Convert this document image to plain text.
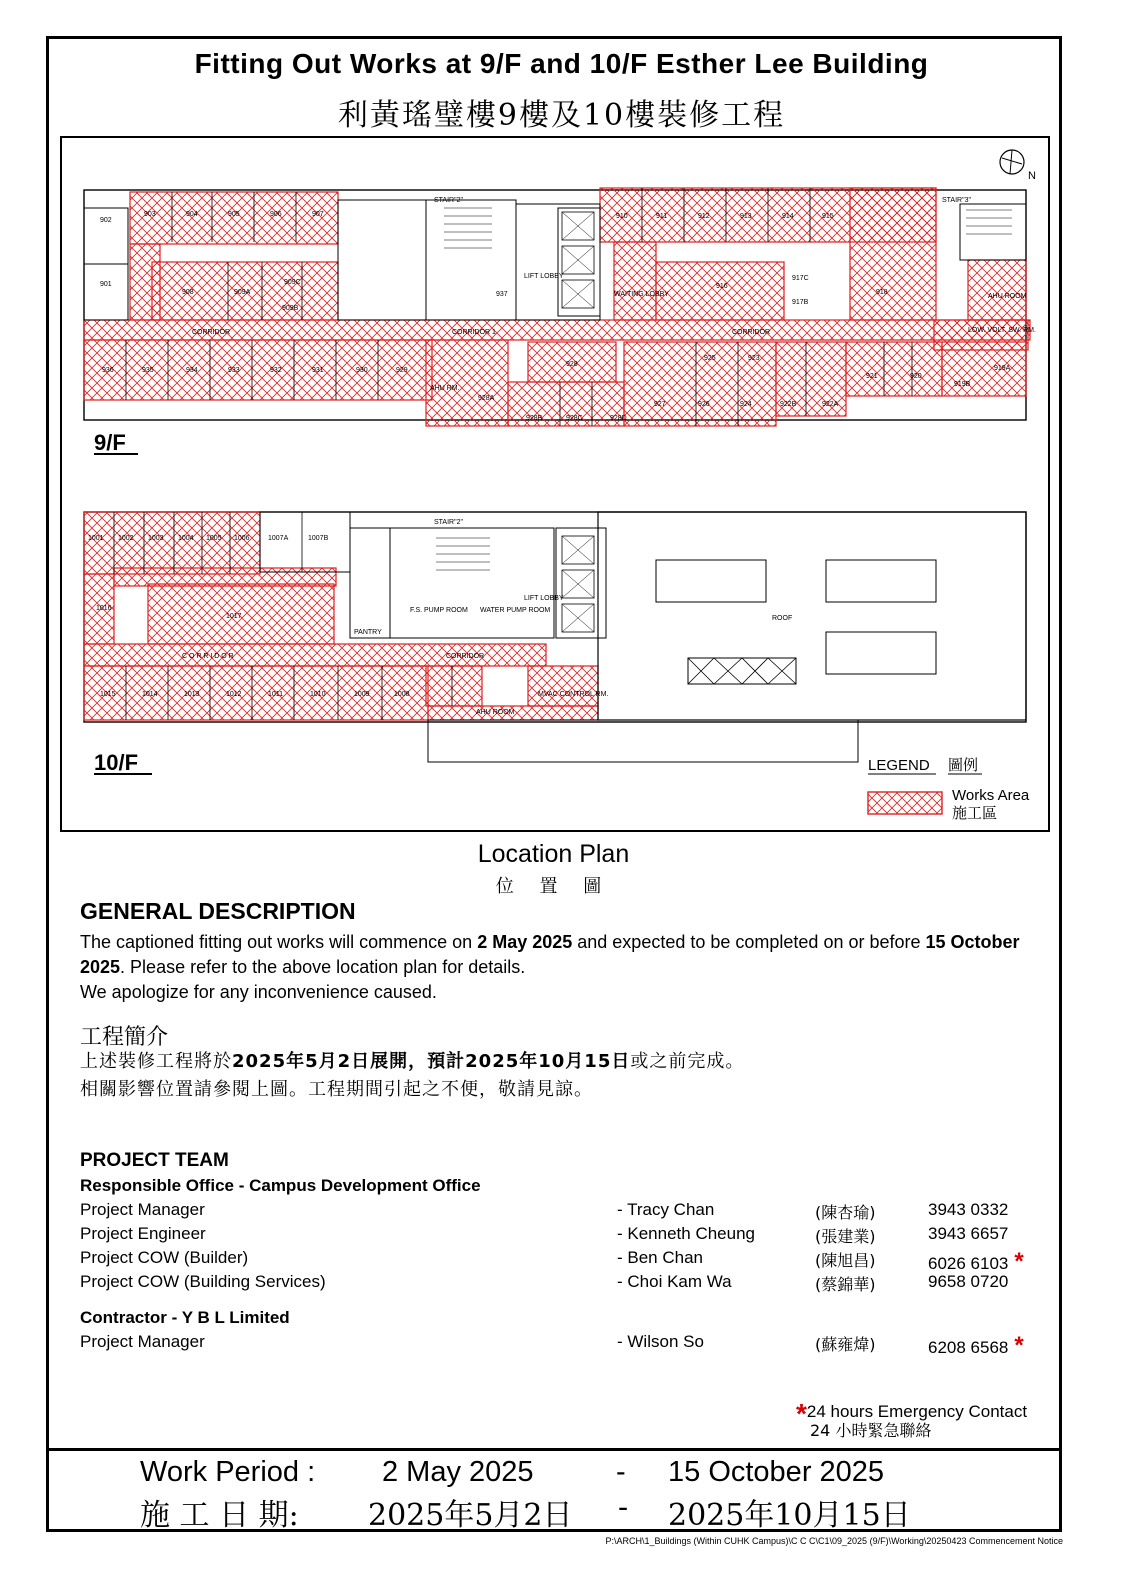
Fitting Out Works at 9/F and 10/F Esther Lee Building
利黃瑤璧樓9樓及10樓裝修工程
N
STAIR"2"	STAIR"3"
LIFT LOBBY
CORRIDOR	CORRIDOR 1	CORRIDOR
WAITING LOBBY	AHU ROOM
LOW. VOLT. SW. RM.
AHU RM.
902
903	904	905	906	907
908	909A
909B
909C
901
910	911	912	913	914	915
916
917C
917B
918
936	935	934	933	932	931	930	929
928
928A
928B	928C	928D
927	926
925
924
923
922B	922A
921	920
919A
919B
937
9/F
STAIR"2"
LIFT LOBBY
C O R R I D O R	CORRIDOR
F.S. PUMP ROOM WATER PUMP ROOM
PANTRY
ROOF
AHU ROOM
MVAC CONTROL RM.
1001 1002 1003 1004 1005 1006	1007A	1007B
1016
1017
1015	1014	1013	1012	1011	1010	1009	1008
10/F	LEGEND 圖例
Works Area
施工區
Location Plan
位 置 圖
GENERAL DESCRIPTION
The captioned fitting out works will commence on 2 May 2025 and expected to be completed on or before 15 October 2025. Please refer to the above location plan for details.
We apologize for any inconvenience caused.
工程簡介
上述裝修工程將於2025年5月2日展開，預計2025年10月15日或之前完成。
相關影響位置請參閱上圖。工程期間引起之不便，敬請見諒。
PROJECT TEAM
Responsible Office - Campus Development Office
Project Manager	- Tracy Chan	(陳杏瑜)	3943 0332
Project Engineer	- Kenneth Cheung	(張建業)	3943 6657
Project COW (Builder)	- Ben Chan	(陳旭昌)	6026 6103 *
Project COW (Building Services)	- Choi Kam Wa	(蔡錦華)	9658 0720
Contractor - Y B L Limited
Project Manager	- Wilson So	(蘇雍煒)	6208 6568 *
*24 hours Emergency Contact
24 小時緊急聯絡
Work Period : 2 May 2025	- 15 October 2025
施 工 日 期: 2025年5月2日 - 2025年10月15日
P:\ARCH\1_Buildings (Within CUHK Campus)\C C C\C1\09_2025 (9/F)\Working\20250423 Commencement Notice
